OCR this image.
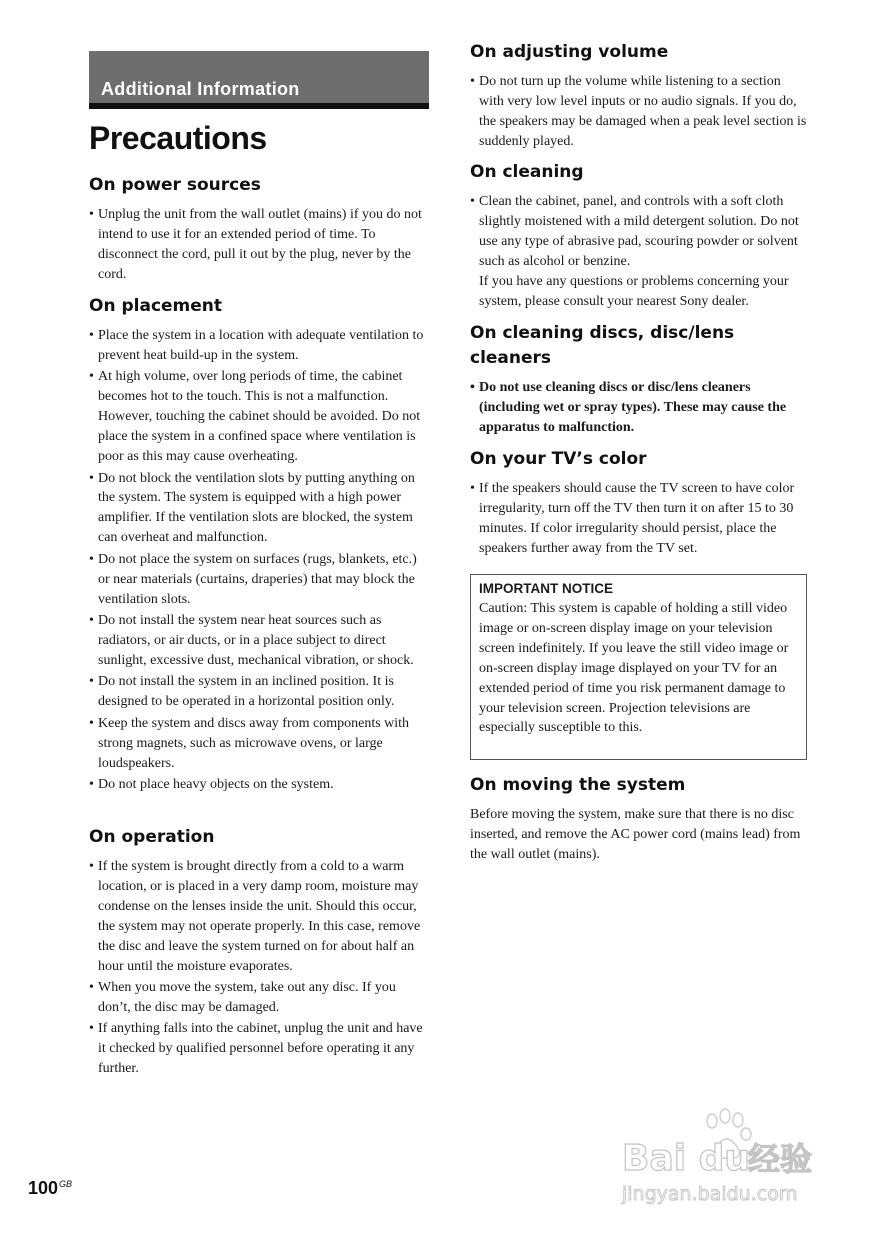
Additional Information
Precautions
On power sources
• Unplug the unit from the wall outlet (mains) if you do not intend to use it for an extended period of time. To disconnect the cord, pull it out by the plug, never by the cord.
On placement
• Place the system in a location with adequate ventilation to prevent heat build-up in the system.
• At high volume, over long periods of time, the cabinet becomes hot to the touch. This is not a malfunction. However, touching the cabinet should be avoided. Do not place the system in a confined space where ventilation is poor as this may cause overheating.
• Do not block the ventilation slots by putting anything on the system. The system is equipped with a high power amplifier. If the ventilation slots are blocked, the system can overheat and malfunction.
• Do not place the system on surfaces (rugs, blankets, etc.) or near materials (curtains, draperies) that may block the ventilation slots.
• Do not install the system near heat sources such as radiators, or air ducts, or in a place subject to direct sunlight, excessive dust, mechanical vibration, or shock.
• Do not install the system in an inclined position. It is designed to be operated in a horizontal position only.
• Keep the system and discs away from components with strong magnets, such as microwave ovens, or large loudspeakers.
• Do not place heavy objects on the system.
On operation
• If the system is brought directly from a cold to a warm location, or is placed in a very damp room, moisture may condense on the lenses inside the unit. Should this occur, the system may not operate properly. In this case, remove the disc and leave the system turned on for about half an hour until the moisture evaporates.
• When you move the system, take out any disc. If you don’t, the disc may be damaged.
• If anything falls into the cabinet, unplug the unit and have it checked by qualified personnel before operating it any further.
On adjusting volume
• Do not turn up the volume while listening to a section with very low level inputs or no audio signals. If you do, the speakers may be damaged when a peak level section is suddenly played.
On cleaning
• Clean the cabinet, panel, and controls with a soft cloth slightly moistened with a mild detergent solution. Do not use any type of abrasive pad, scouring powder or solvent such as alcohol or benzine.
If you have any questions or problems concerning your system, please consult your nearest Sony dealer.
On cleaning discs, disc/lens cleaners
• Do not use cleaning discs or disc/lens cleaners (including wet or spray types). These may cause the apparatus to malfunction.
On your TV’s color
• If the speakers should cause the TV screen to have color irregularity, turn off the TV then turn it on after 15 to 30 minutes. If color irregularity should persist, place the speakers further away from the TV set.
On moving the system

Before moving the system, make sure that there is no disc inserted, and remove the AC power cord (mains lead) from the wall outlet (mains).

IMPORTANT NOTICE
Caution: This system is capable of holding a still video image or on-screen display image on your television screen indefinitely. If you leave the still video image or on-screen display image displayed on your TV for an extended period of time you risk permanent damage to your television screen. Projection televisions are especially susceptible to this.
$100^{GB}$
Bai du
经验
jingyan.baidu.com
